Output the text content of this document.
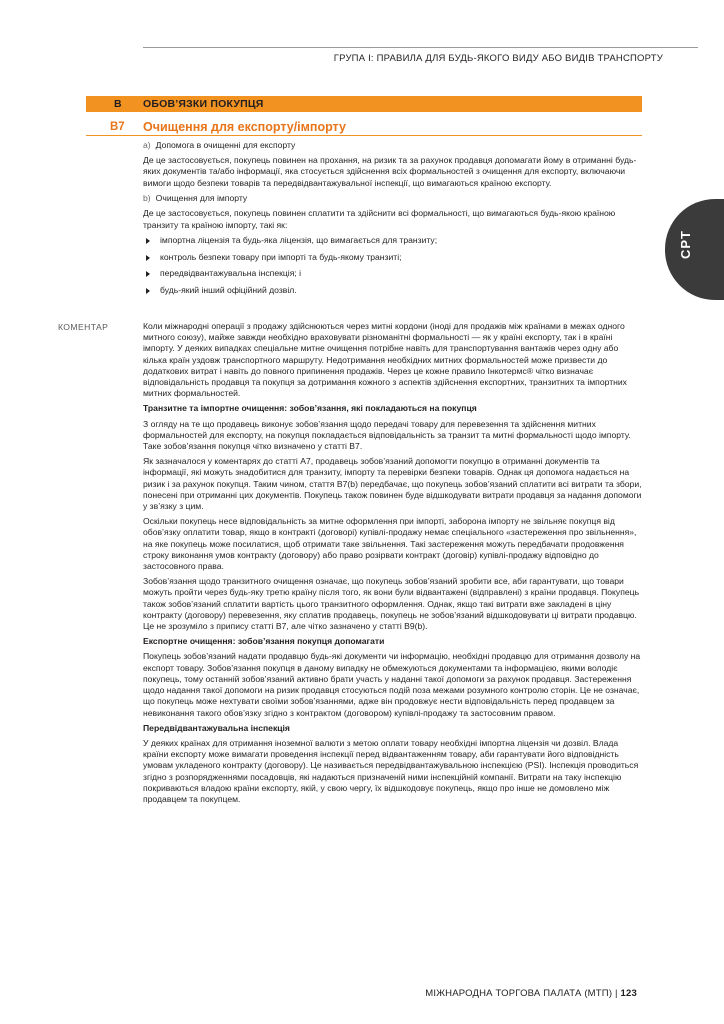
ГРУПА І: ПРАВИЛА ДЛЯ БУДЬ-ЯКОГО ВИДУ АБО ВИДІВ ТРАНСПОРТУ
CPT
B ОБОВ’ЯЗКИ ПОКУПЦЯ
B7 Очищення для експорту/імпорту
a) Допомога в очищенні для експорту

Де це застосовується, покупець повинен на прохання, на ризик та за рахунок продавця допомагати йому в отриманні будь-яких документів та/або інформації, яка стосується здійснення всіх формальностей з очищення для експорту, включаючи вимоги щодо безпеки товарів та передвідвантажувальної інспекції, що вимагаються країною експорту.

b) Очищення для імпорту

Де це застосовується, покупець повинен сплатити та здійснити всі формальності, що вимагаються будь-якою країною транзиту та країною імпорту, такі як:

імпортна ліцензія та будь-яка ліцензія, що вимагається для транзиту;
контроль безпеки товару при імпорті та будь-якому транзиті;
передвідвантажувальна інспекція; і
будь-який інший офіційний дозвіл.
КОМЕНТАР	Коли міжнародні операції з продажу здійснюються через митні кордони (іноді для продажів між країнами в межах одного митного союзу), майже завжди необхідно враховувати різноманітні формальності — як у країні експорту, так і в країні імпорту. У деяких випадках спеціальне митне очищення потрібне навіть для транспортування вантажів через одну або кілька країн уздовж транспортного маршруту. Недотримання необхідних митних формальностей може призвести до додаткових витрат і навіть до повного припинення продажів. Через це кожне правило Інкотермс® чітко визначає відповідальність продавця та покупця за дотримання кожного з аспектів здійснення експортних, транзитних та імпортних митних формальностей.

Транзитне та імпортне очищення: зобов’язання, які покладаються на покупця

З огляду на те що продавець виконує зобов’язання щодо передачі товару для перевезення та здійснення митних формальностей для експорту, на покупця покладається відповідальність за транзит та митні формальності щодо імпорту. Таке зобов’язання покупця чітко визначено у статті B7.

Як зазначалося у коментарях до статті A7, продавець зобов’язаний допомогти покупцю в отриманні документів та інформації, які можуть знадобитися для транзиту, імпорту та перевірки безпеки товарів. Однак ця допомога надається на ризик і за рахунок покупця. Таким чином, стаття B7(b) передбачає, що покупець зобов’язаний сплатити всі витрати та збори, понесені при отриманні цих документів. Покупець також повинен буде відшкодувати витрати продавця за надання допомоги у зв’язку з цим.

Оскільки покупець несе відповідальність за митне оформлення при імпорті, заборона імпорту не звільняє покупця від обов’язку оплатити товар, якщо в контракті (договорі) купівлі-продажу немає спеціального «застереження про звільнення», на яке покупець може посилатися, щоб отримати таке звільнення. Такі застереження можуть передбачати продовження строку виконання умов контракту (договору) або право розірвати контракт (договір) купівлі-продажу відповідно до застосовного права.

Зобов’язання щодо транзитного очищення означає, що покупець зобов’язаний зробити все, аби гарантувати, що товари можуть пройти через будь-яку третю країну після того, як вони були відвантажені (відправлені) з країни продавця. Покупець також зобов’язаний сплатити вартість цього транзитного оформлення. Однак, якщо такі витрати вже закладені в ціну контракту (договору) перевезення, яку сплатив продавець, покупець не зобов’язаний відшкодовувати ці витрати продавцю. Це не зрозуміло з припису статті B7, але чітко зазначено у статті B9(b).

Експортне очищення: зобов’язання покупця допомагати

Покупець зобов’язаний надати продавцю будь-які документи чи інформацію, необхідні продавцю для отримання дозволу на експорт товару. Зобов’язання покупця в даному випадку не обмежуються документами та інформацією, якими володіє покупець, тому останній зобов’язаний активно брати участь у наданні такої допомоги за рахунок продавця. Застереження щодо надання такої допомоги на ризик продавця стосуються подій поза межами розумного контролю сторін. Це не означає, що покупець може нехтувати своїми зобов’язаннями, адже він продовжує нести відповідальність перед продавцем за невиконання такого обов’язку згідно з контрактом (договором) купівлі-продажу та застосовним правом.

Передвідвантажувальна інспекція

У деяких країнах для отримання іноземної валюти з метою оплати товару необхідні імпортна ліцензія чи дозвіл. Влада країни експорту може вимагати проведення інспекції перед відвантаженням товару, аби гарантувати його відповідність умовам укладеного контракту (договору). Це називається передвідвантажувальною інспекцією (PSI). Інспекція проводиться згідно з розпорядженнями посадовців, які надаються призначеній ними інспекційній компанії. Витрати на таку інспекцію покриваються владою країни експорту, якій, у свою чергу, їх відшкодовує покупець, якщо про інше не домовлено між продавцем та покупцем.

МІЖНАРОДНА ТОРГОВА ПАЛАТА (МТП) | 123
